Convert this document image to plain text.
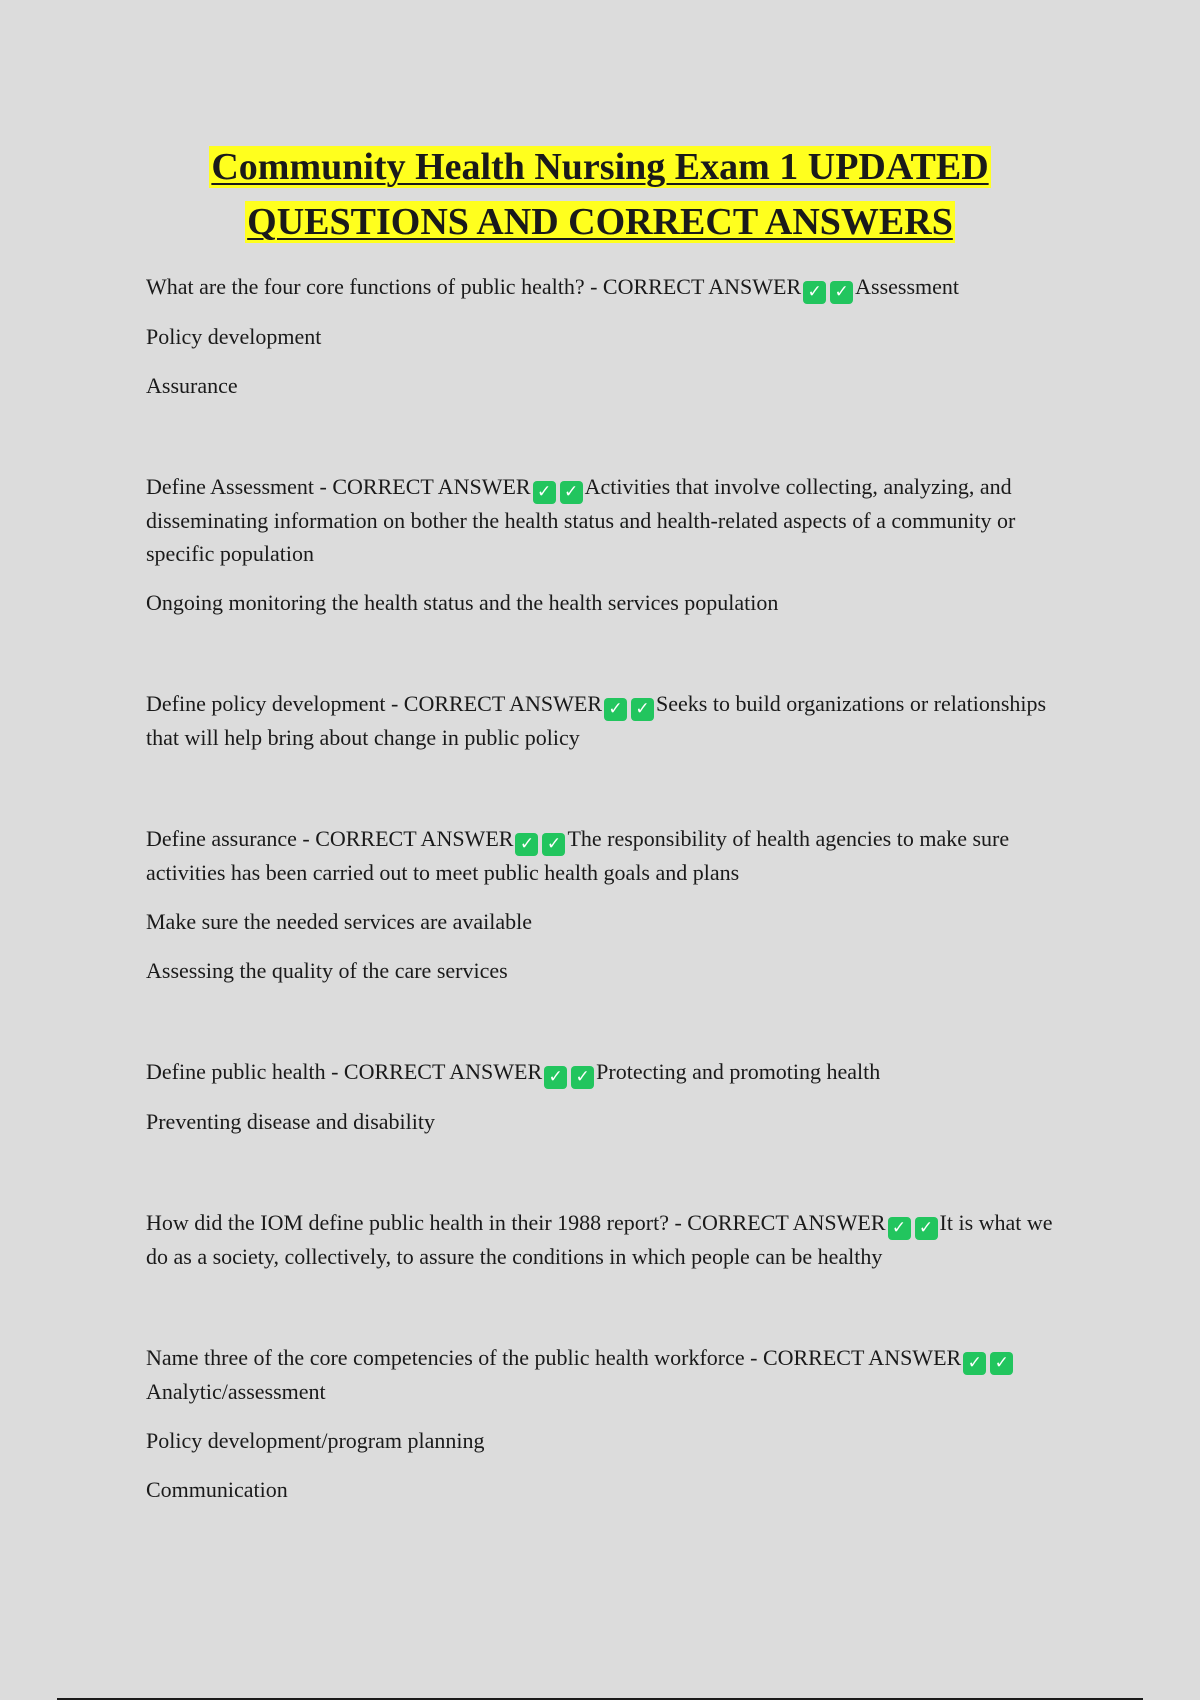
Community Health Nursing Exam 1 UPDATED
QUESTIONS AND CORRECT ANSWERS

What are the four core functions of public health? - CORRECT ANSWER ✓ ✓ Assessment

Policy development

Assurance

Define Assessment - CORRECT ANSWER ✓ ✓ Activities that involve collecting, analyzing, and disseminating information on bother the health status and health-related aspects of a community or specific population

Ongoing monitoring the health status and the health services population

Define policy development - CORRECT ANSWER ✓ ✓ Seeks to build organizations or relationships that will help bring about change in public policy

Define assurance - CORRECT ANSWER ✓ ✓ The responsibility of health agencies to make sure activities has been carried out to meet public health goals and plans

Make sure the needed services are available

Assessing the quality of the care services

Define public health - CORRECT ANSWER ✓ ✓ Protecting and promoting health

Preventing disease and disability

How did the IOM define public health in their 1988 report? - CORRECT ANSWER ✓ ✓ It is what we do as a society, collectively, to assure the conditions in which people can be healthy

Name three of the core competencies of the public health workforce - CORRECT ANSWER ✓ ✓Analytic/assessment

Policy development/program planning

Communication
